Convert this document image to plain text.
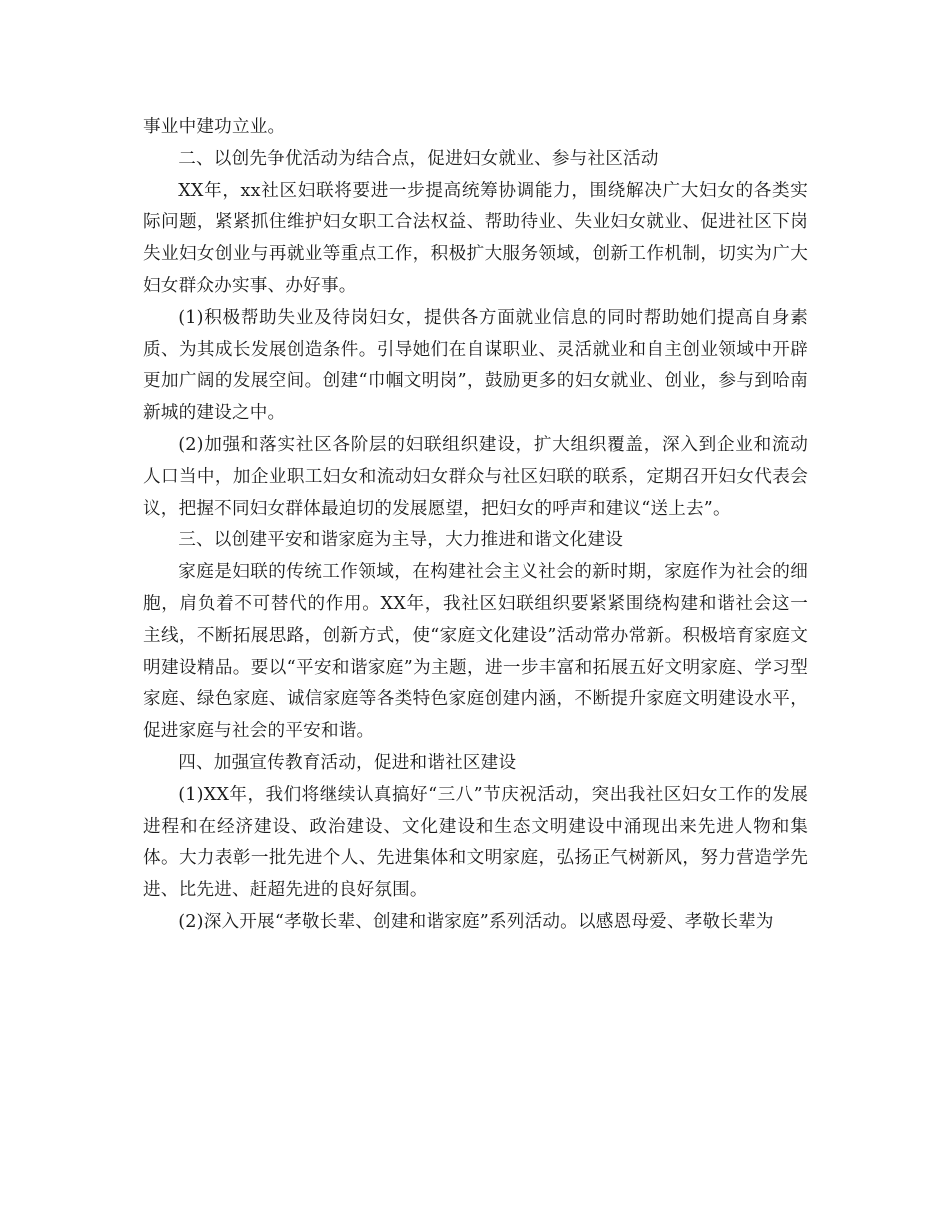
事业中建功立业。

二、以创先争优活动为结合点，促进妇女就业、参与社区活动

XX年，xx社区妇联将要进一步提高统筹协调能力，围绕解决广大妇女的各类实际问题，紧紧抓住维护妇女职工合法权益、帮助待业、失业妇女就业、促进社区下岗失业妇女创业与再就业等重点工作，积极扩大服务领域，创新工作机制，切实为广大妇女群众办实事、办好事。

(1)积极帮助失业及待岗妇女，提供各方面就业信息的同时帮助她们提高自身素质、为其成长发展创造条件。引导她们在自谋职业、灵活就业和自主创业领域中开辟更加广阔的发展空间。创建“巾帼文明岗”，鼓励更多的妇女就业、创业，参与到哈南新城的建设之中。

(2)加强和落实社区各阶层的妇联组织建设，扩大组织覆盖，深入到企业和流动人口当中，加企业职工妇女和流动妇女群众与社区妇联的联系，定期召开妇女代表会议，把握不同妇女群体最迫切的发展愿望，把妇女的呼声和建议“送上去”。

三、以创建平安和谐家庭为主导，大力推进和谐文化建设

家庭是妇联的传统工作领域，在构建社会主义社会的新时期，家庭作为社会的细胞，肩负着不可替代的作用。XX年，我社区妇联组织要紧紧围绕构建和谐社会这一主线，不断拓展思路，创新方式，使“家庭文化建设”活动常办常新。积极培育家庭文明建设精品。要以“平安和谐家庭”为主题，进一步丰富和拓展五好文明家庭、学习型家庭、绿色家庭、诚信家庭等各类特色家庭创建内涵，不断提升家庭文明建设水平，促进家庭与社会的平安和谐。

四、加强宣传教育活动，促进和谐社区建设

(1)XX年，我们将继续认真搞好“三八”节庆祝活动，突出我社区妇女工作的发展进程和在经济建设、政治建设、文化建设和生态文明建设中涌现出来先进人物和集体。大力表彰一批先进个人、先进集体和文明家庭，弘扬正气树新风，努力营造学先进、比先进、赶超先进的良好氛围。

(2)深入开展“孝敬长辈、创建和谐家庭”系列活动。以感恩母爱、孝敬长辈为
